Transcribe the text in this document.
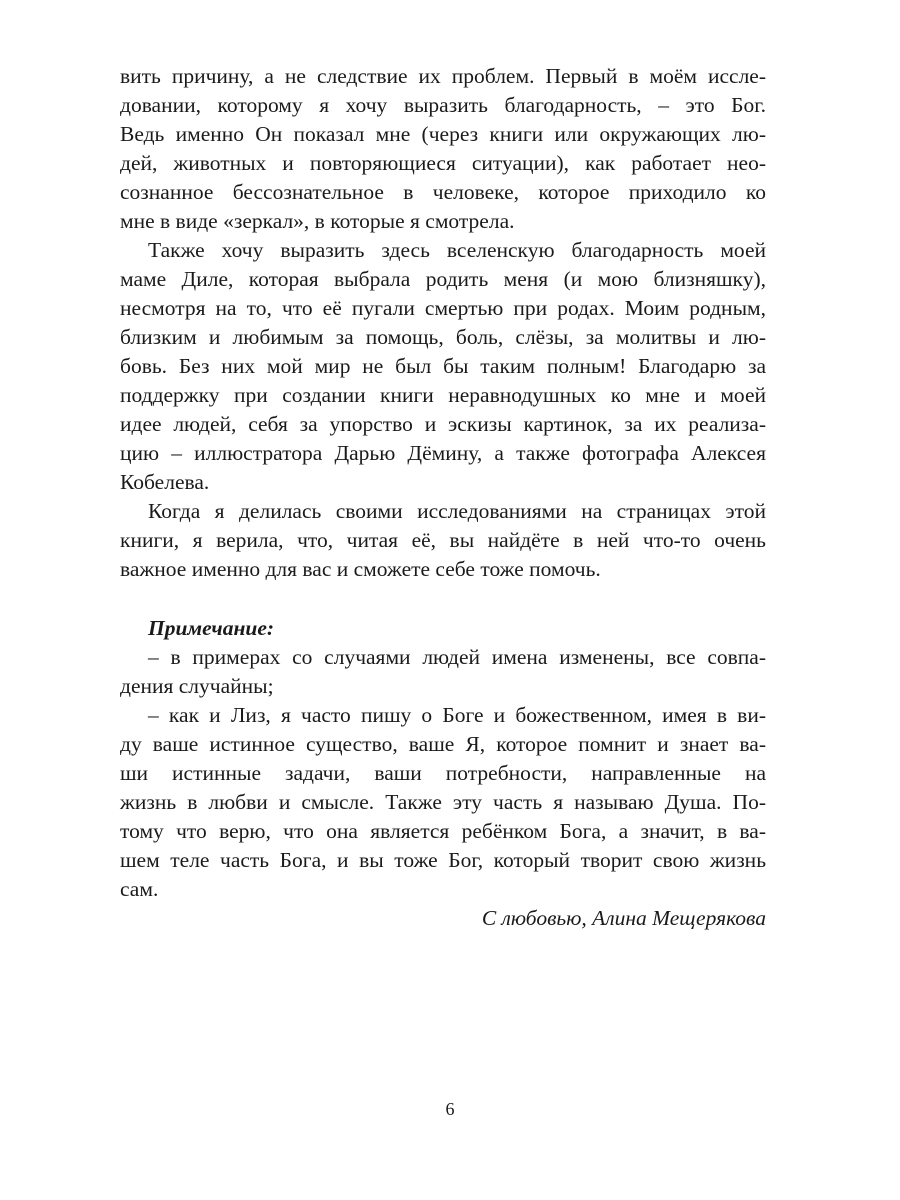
вить причину, а не следствие их проблем. Первый в моём иссле-
довании, которому я хочу выразить благодарность, – это Бог.
Ведь именно Он показал мне (через книги или окружающих лю-
дей, животных и повторяющиеся ситуации), как работает нео-
сознанное бессознательное в человеке, которое приходило ко
мне в виде «зеркал», в которые я смотрела.
Также хочу выразить здесь вселенскую благодарность моей
маме Диле, которая выбрала родить меня (и мою близняшку),
несмотря на то, что её пугали смертью при родах. Моим родным,
близким и любимым за помощь, боль, слёзы, за молитвы и лю-
бовь. Без них мой мир не был бы таким полным! Благодарю за
поддержку при создании книги неравнодушных ко мне и моей
идее людей, себя за упорство и эскизы картинок, за их реализа-
цию – иллюстратора Дарью Дёмину, а также фотографа Алексея
Кобелева.
Когда я делилась своими исследованиями на страницах этой
книги, я верила, что, читая её, вы найдёте в ней что-то очень
важное именно для вас и сможете себе тоже помочь.
Примечание:
– в примерах со случаями людей имена изменены, все совпа-
дения случайны;
– как и Лиз, я часто пишу о Боге и божественном, имея в ви-
ду ваше истинное существо, ваше Я, которое помнит и знает ва-
ши истинные задачи, ваши потребности, направленные на
жизнь в любви и смысле. Также эту часть я называю Душа. По-
тому что верю, что она является ребёнком Бога, а значит, в ва-
шем теле часть Бога, и вы тоже Бог, который творит свою жизнь
сам.
С любовью, Алина Мещерякова
6
